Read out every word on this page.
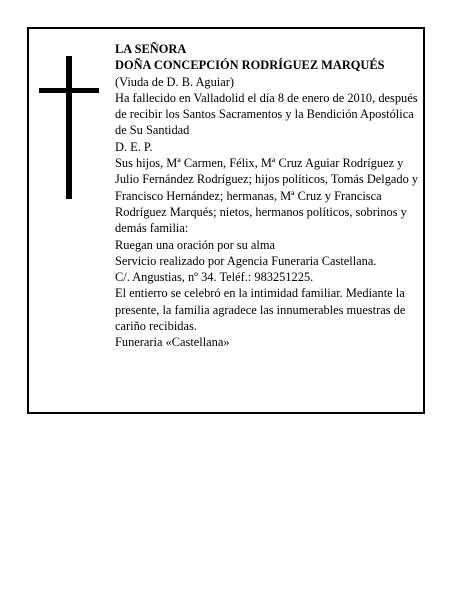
LA SEÑORA

DOÑA CONCEPCIÓN RODRÍGUEZ MARQUÉS

(Viuda de D. B. Aguiar)

Ha fallecido en Valladolid el día 8 de enero de 2010, después de recibir los Santos Sacramentos y la Bendición Apostólica de Su Santidad

D. E. P.

Sus hijos, Mª Carmen, Félix, Mª Cruz Aguiar Rodríguez y Julio Fernández Rodríguez; hijos políticos, Tomás Delgado y Francisco Hernández; hermanas, Mª Cruz y Francisca Rodríguez Marqués; nietos, hermanos políticos, sobrinos y demás familia:

Ruegan una oración por su alma

Servicio realizado por Agencia Funeraria Castellana.

C/. Angustias, nº 34. Teléf.: 983251225.

El entierro se celebró en la intimidad familiar. Mediante la presente, la familia agradece las innumerables muestras de cariño recibidas.

Funeraria «Castellana»
